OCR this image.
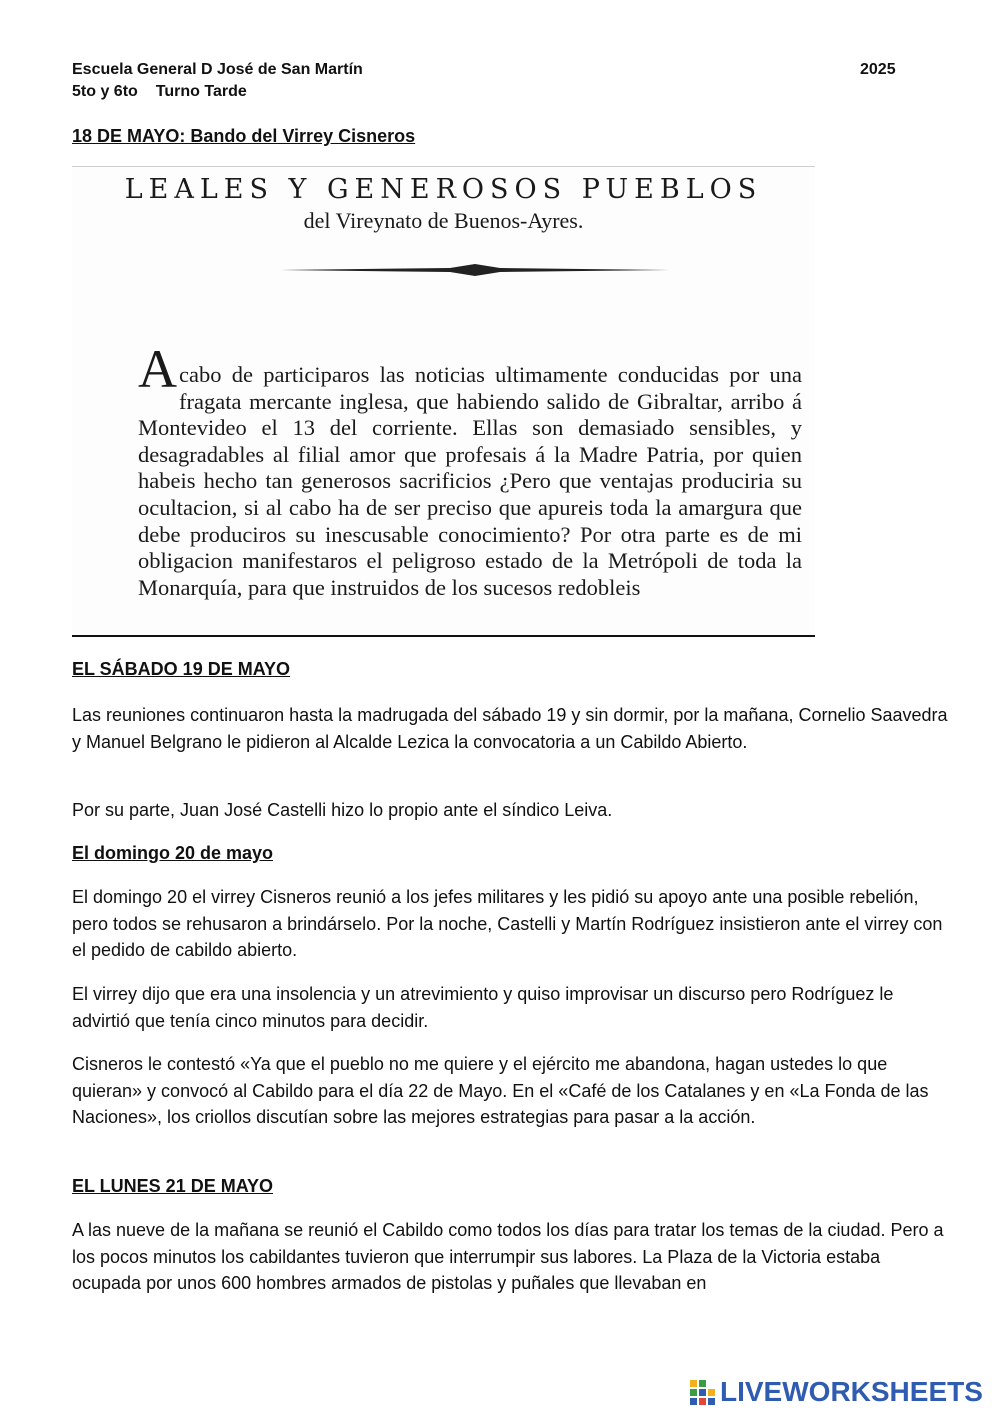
Escuela General D José de San Martín	2025
5to y 6to Turno Tarde
18 DE MAYO: Bando del Virrey Cisneros
LEALES Y GENEROSOS PUEBLOS
del Vireynato de Buenos-Ayres.
Acabo de participaros las noticias ultimamente conducidas por una fragata mercante inglesa, que habiendo salido de Gibraltar, arribo á Montevideo el 13 del corriente. Ellas son demasiado sensibles, y desagradables al filial amor que profesais á la Madre Patria, por quien habeis hecho tan generosos sacrificios ¿Pero que ventajas produciria su ocultacion, si al cabo ha de ser preciso que apureis toda la amargura que debe produciros su inescusable conocimiento? Por otra parte es de mi obligacion manifestaros el peligroso estado de la Metrópoli de toda la Monarquía, para que instruidos de los sucesos redobleis
EL SÁBADO 19 DE MAYO
Las reuniones continuaron hasta la madrugada del sábado 19 y sin dormir, por la mañana, Cornelio Saavedra y Manuel Belgrano le pidieron al Alcalde Lezica la convocatoria a un Cabildo Abierto.
Por su parte, Juan José Castelli hizo lo propio ante el síndico Leiva.
El domingo 20 de mayo
El domingo 20 el virrey Cisneros reunió a los jefes militares y les pidió su apoyo ante una posible rebelión, pero todos se rehusaron a brindárselo. Por la noche, Castelli y Martín Rodríguez insistieron ante el virrey con el pedido de cabildo abierto.
El virrey dijo que era una insolencia y un atrevimiento y quiso improvisar un discurso pero Rodríguez le advirtió que tenía cinco minutos para decidir.
Cisneros le contestó «Ya que el pueblo no me quiere y el ejército me abandona, hagan ustedes lo que quieran» y convocó al Cabildo para el día 22 de Mayo. En el «Café de los Catalanes y en «La Fonda de las Naciones», los criollos discutían sobre las mejores estrategias para pasar a la acción.
EL LUNES 21 DE MAYO
A las nueve de la mañana se reunió el Cabildo como todos los días para tratar los temas de la ciudad. Pero a los pocos minutos los cabildantes tuvieron que interrumpir sus labores. La Plaza de la Victoria estaba ocupada por unos 600 hombres armados de pistolas y puñales que llevaban en
LIVEWORKSHEETS
